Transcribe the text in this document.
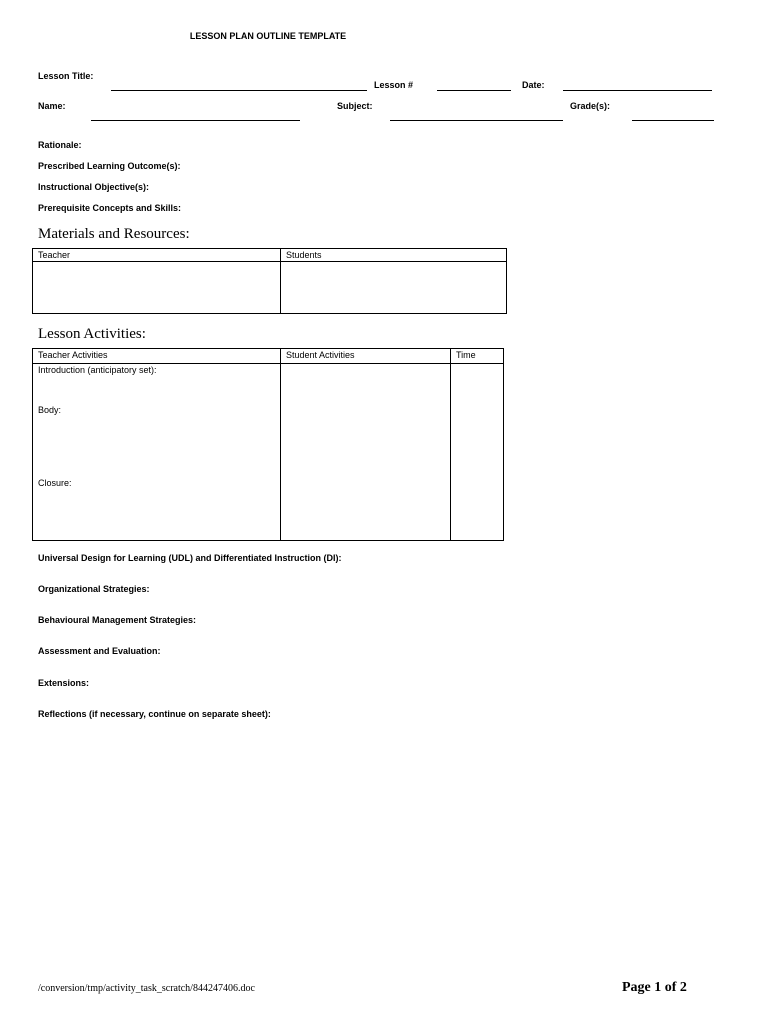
LESSON PLAN OUTLINE TEMPLATE
Lesson Title:
Lesson #	Date:
Name:	Subject:	Grade(s):
Rationale:
Prescribed Learning Outcome(s):
Instructional Objective(s):
Prerequisite Concepts and Skills:
Materials and Resources:
Teacher	Students

Lesson Activities:
Teacher Activities	Student Activities	Time

Introduction (anticipatory set):
Body:
Closure:		

Universal Design for Learning (UDL) and Differentiated Instruction (DI):
Organizational Strategies:
Behavioural Management Strategies:
Assessment and Evaluation:
Extensions:
Reflections (if necessary, continue on separate sheet):
/conversion/tmp/activity_task_scratch/844247406.doc	Page 1 of 2
